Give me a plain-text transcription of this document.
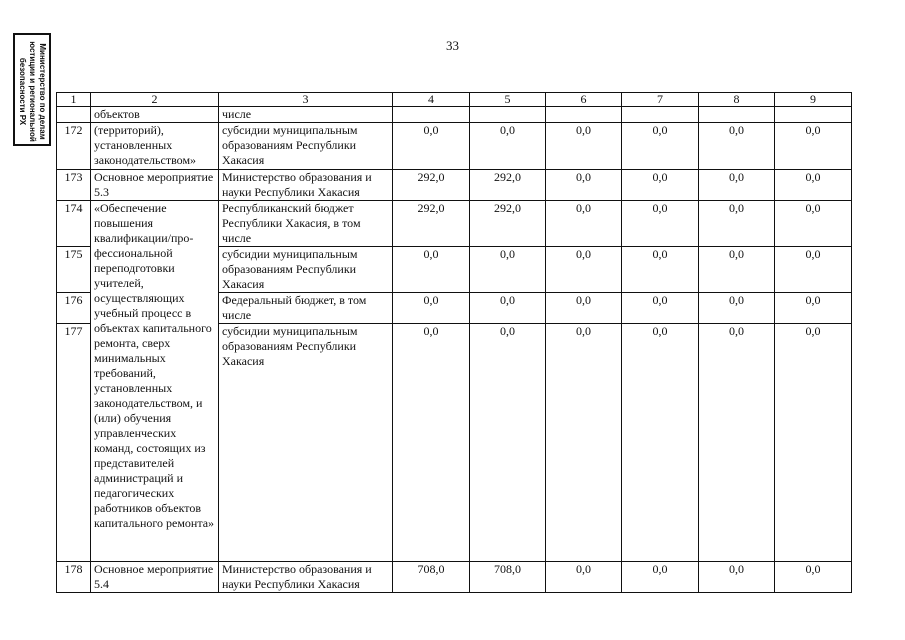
Министерство по делам
юстиции и региональной
безопасности РХ
33
1	2	3	4	5	6	7	8	9
	объектов	числе						
172	(территорий), установленных законодательством»	субсидии муниципальным образованиям Республики Хакасия	0,0	0,0	0,0	0,0	0,0	0,0
173	Основное мероприятие 5.3	Министерство образования и науки Республики Хакасия	292,0	292,0	0,0	0,0	0,0	0,0
174	«Обеспечение повышения квалификации/про-фессиональной переподготовки учителей, осуществляющих учебный процесс в объектах капитального ремонта, сверх минимальных требований, установленных законодательством, и (или) обучения управленческих команд, состоящих из представителей администраций и педагогических работников объектов капитального ремонта»	Республиканский бюджет Республики Хакасия, в том числе	292,0	292,0	0,0	0,0	0,0	0,0
175		субсидии муниципальным образованиям Республики Хакасия	0,0	0,0	0,0	0,0	0,0	0,0
176		Федеральный бюджет, в том числе	0,0	0,0	0,0	0,0	0,0	0,0
177		субсидии муниципальным образованиям Республики Хакасия	0,0	0,0	0,0	0,0	0,0	0,0
178	Основное мероприятие 5.4	Министерство образования и науки Республики Хакасия	708,0	708,0	0,0	0,0	0,0	0,0
